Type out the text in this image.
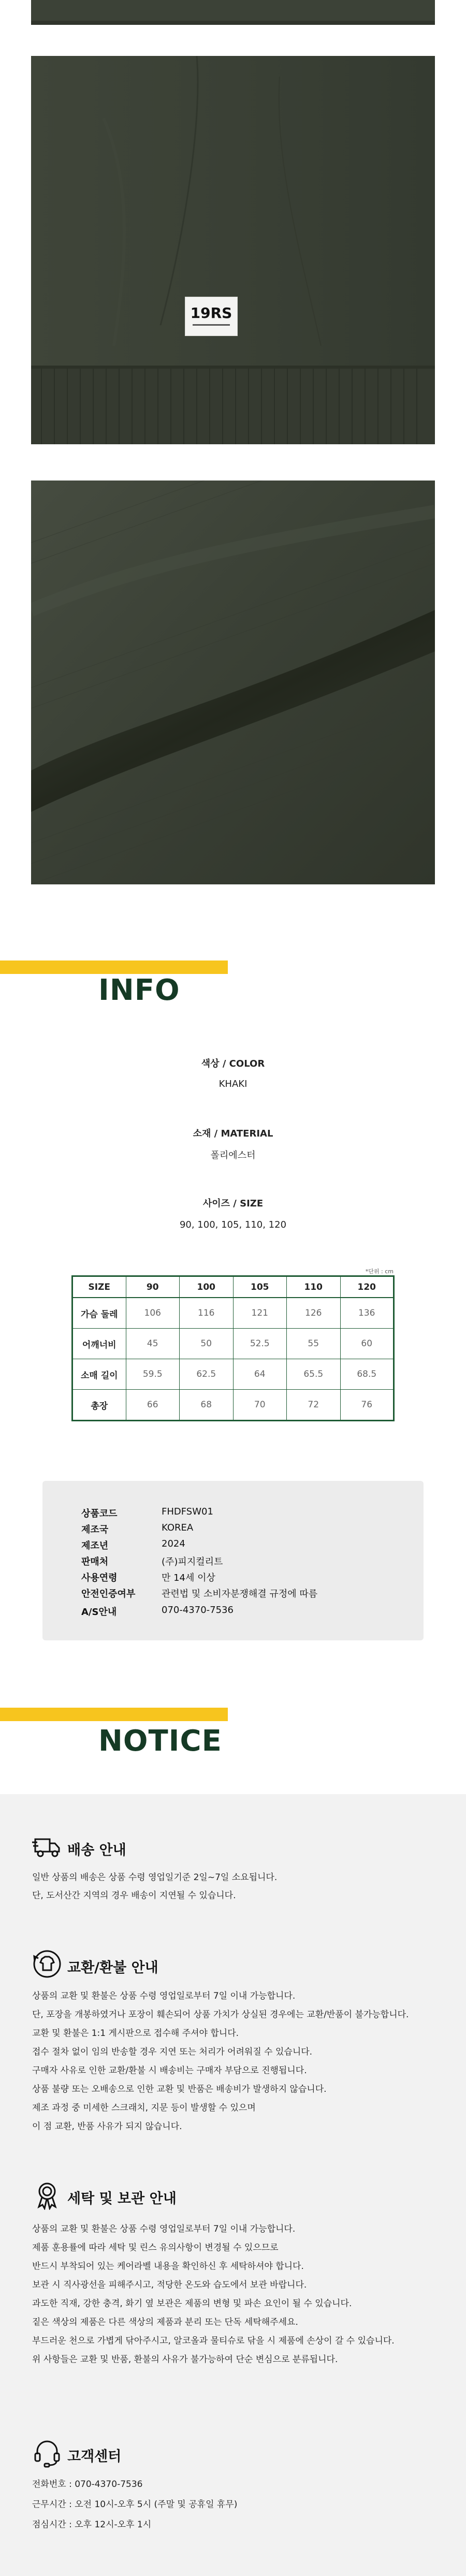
19RS
INFO
색상 / COLOR
KHAKI
소재 / MATERIAL
폴리에스터
사이즈 / SIZE
90, 100, 105, 110, 120
*단위 : cm
SIZE	90	100	105	110	120
가슴 둘레	106	116	121	126	136
어깨너비	45	50	52.5	55	60
소매 길이	59.5	62.5	64	65.5	68.5
총장	66	68	70	72	76
상품코드	FHDFSW01
제조국	KOREA
제조년	2024
판매처	(주)피지컬리트
사용연령	만 14세 이상
안전인증여부	관련법 및 소비자분쟁해결 규정에 따름
A/S안내	070-4370-7536
NOTICE
배송 안내
일반 상품의 배송은 상품 수령 영업일기준 2일~7일 소요됩니다.
단, 도서산간 지역의 경우 배송이 지연될 수 있습니다.
교환/환불 안내
상품의 교환 및 환불은 상품 수령 영업일로부터 7일 이내 가능합니다.
단, 포장을 개봉하였거나 포장이 훼손되어 상품 가치가 상실된 경우에는 교환/반품이 불가능합니다.
교환 및 환불은 1:1 게시판으로 접수해 주셔야 합니다.
접수 절차 없이 임의 반송할 경우 지연 또는 처리가 어려워질 수 있습니다.
구매자 사유로 인한 교환/환불 시 배송비는 구매자 부담으로 진행됩니다.
상품 불량 또는 오배송으로 인한 교환 및 반품은 배송비가 발생하지 않습니다.
제조 과정 중 미세한 스크래치, 지문 등이 발생할 수 있으며
이 점 교환, 반품 사유가 되지 않습니다.
세탁 및 보관 안내
상품의 교환 및 환불은 상품 수령 영업일로부터 7일 이내 가능합니다.
제품 훈용률에 따라 세탁 및 린스 유의사항이 변경될 수 있으므로
반드시 부착되어 있는 케어라벨 내용을 확인하신 후 세탁하셔야 합니다.
보관 시 직사광선을 피해주시고, 적당한 온도와 습도에서 보관 바랍니다.
과도한 직재, 강한 충격, 화기 옆 보관은 제품의 변형 및 파손 요인이 될 수 있습니다.
짙은 색상의 제품은 다른 색상의 제품과 분리 또는 단독 세탁해주세요.
부드러운 천으로 가볍게 닦아주시고, 알코올과 물티슈로 닦을 시 제품에 손상이 갈 수 있습니다.
위 사항들은 교환 및 반품, 환불의 사유가 불가능하여 단순 변심으로 분류됩니다.
고객센터
전화번호 : 070-4370-7536
근무시간 : 오전 10시-오후 5시 (주말 및 공휴일 휴무)
점심시간 : 오후 12시-오후 1시
